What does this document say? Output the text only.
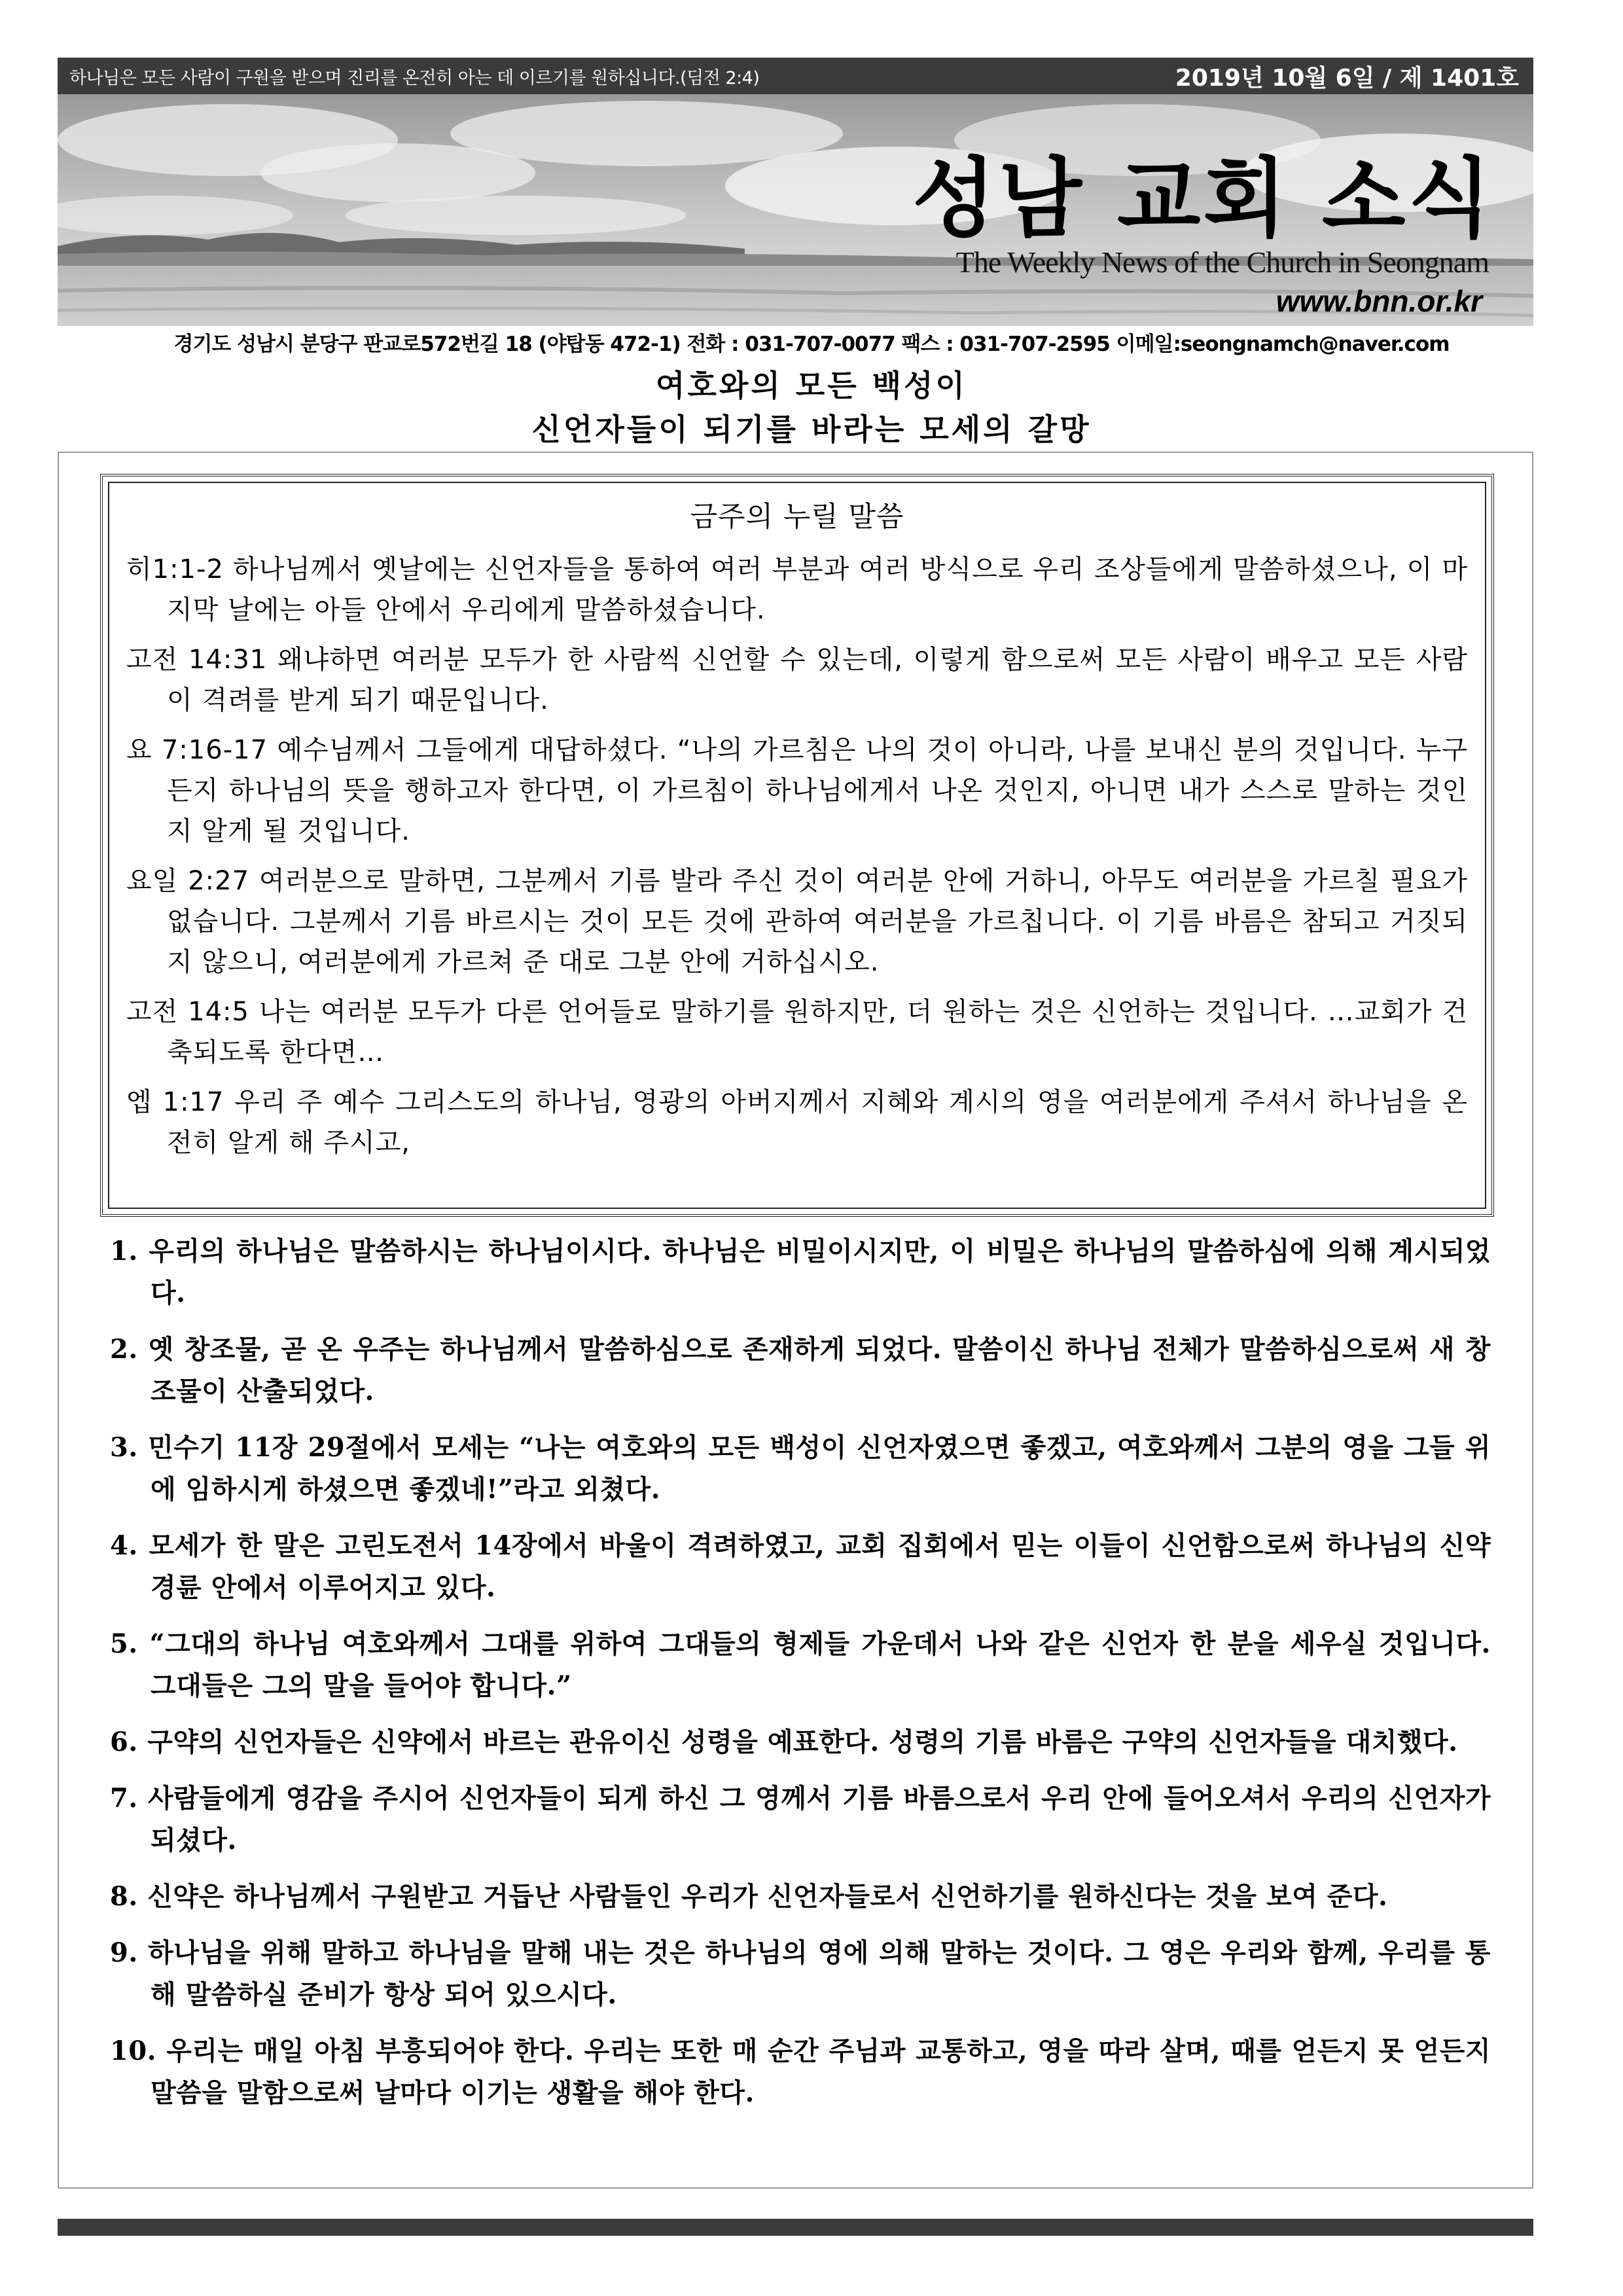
하나님은 모든 사람이 구원을 받으며 진리를 온전히 아는 데 이르기를 원하십니다.(딤전 2:4)	2019년 10월 6일 / 제 1401호
성남 교회 소식
The Weekly News of the Church in Seongnam
www.bnn.or.kr
경기도 성남시 분당구 판교로572번길 18 (야탑동 472-1) 전화 : 031-707-0077 팩스 : 031-707-2595 이메일:seongnamch@naver.com
여호와의 모든 백성이
신언자들이 되기를 바라는 모세의 갈망
금주의 누릴 말씀
히1:1-2 하나님께서 옛날에는 신언자들을 통하여 여러 부분과 여러 방식으로 우리 조상들에게 말씀하셨으나, 이 마지막 날에는 아들 안에서 우리에게 말씀하셨습니다.
고전 14:31 왜냐하면 여러분 모두가 한 사람씩 신언할 수 있는데, 이렇게 함으로써 모든 사람이 배우고 모든 사람이 격려를 받게 되기 때문입니다.
요 7:16-17 예수님께서 그들에게 대답하셨다. “나의 가르침은 나의 것이 아니라, 나를 보내신 분의 것입니다. 누구든지 하나님의 뜻을 행하고자 한다면, 이 가르침이 하나님에게서 나온 것인지, 아니면 내가 스스로 말하는 것인지 알게 될 것입니다.
요일 2:27 여러분으로 말하면, 그분께서 기름 발라 주신 것이 여러분 안에 거하니, 아무도 여러분을 가르칠 필요가 없습니다. 그분께서 기름 바르시는 것이 모든 것에 관하여 여러분을 가르칩니다. 이 기름 바름은 참되고 거짓되지 않으니, 여러분에게 가르쳐 준 대로 그분 안에 거하십시오.
고전 14:5 나는 여러분 모두가 다른 언어들로 말하기를 원하지만, 더 원하는 것은 신언하는 것입니다. …교회가 건축되도록 한다면…
엡 1:17 우리 주 예수 그리스도의 하나님, 영광의 아버지께서 지혜와 계시의 영을 여러분에게 주셔서 하나님을 온전히 알게 해 주시고,
1. 우리의 하나님은 말씀하시는 하나님이시다. 하나님은 비밀이시지만, 이 비밀은 하나님의 말씀하심에 의해 계시되었다.
2. 옛 창조물, 곧 온 우주는 하나님께서 말씀하심으로 존재하게 되었다. 말씀이신 하나님 전체가 말씀하심으로써 새 창조물이 산출되었다.
3. 민수기 11장 29절에서 모세는 “나는 여호와의 모든 백성이 신언자였으면 좋겠고, 여호와께서 그분의 영을 그들 위에 임하시게 하셨으면 좋겠네!”라고 외쳤다.
4. 모세가 한 말은 고린도전서 14장에서 바울이 격려하였고, 교회 집회에서 믿는 이들이 신언함으로써 하나님의 신약 경륜 안에서 이루어지고 있다.
5. “그대의 하나님 여호와께서 그대를 위하여 그대들의 형제들 가운데서 나와 같은 신언자 한 분을 세우실 것입니다. 그대들은 그의 말을 들어야 합니다.”
6. 구약의 신언자들은 신약에서 바르는 관유이신 성령을 예표한다. 성령의 기름 바름은 구약의 신언자들을 대치했다.
7. 사람들에게 영감을 주시어 신언자들이 되게 하신 그 영께서 기름 바름으로서 우리 안에 들어오셔서 우리의 신언자가 되셨다.
8. 신약은 하나님께서 구원받고 거듭난 사람들인 우리가 신언자들로서 신언하기를 원하신다는 것을 보여 준다.
9. 하나님을 위해 말하고 하나님을 말해 내는 것은 하나님의 영에 의해 말하는 것이다. 그 영은 우리와 함께, 우리를 통해 말씀하실 준비가 항상 되어 있으시다.
10. 우리는 매일 아침 부흥되어야 한다. 우리는 또한 매 순간 주님과 교통하고, 영을 따라 살며, 때를 얻든지 못 얻든지 말씀을 말함으로써 날마다 이기는 생활을 해야 한다.
